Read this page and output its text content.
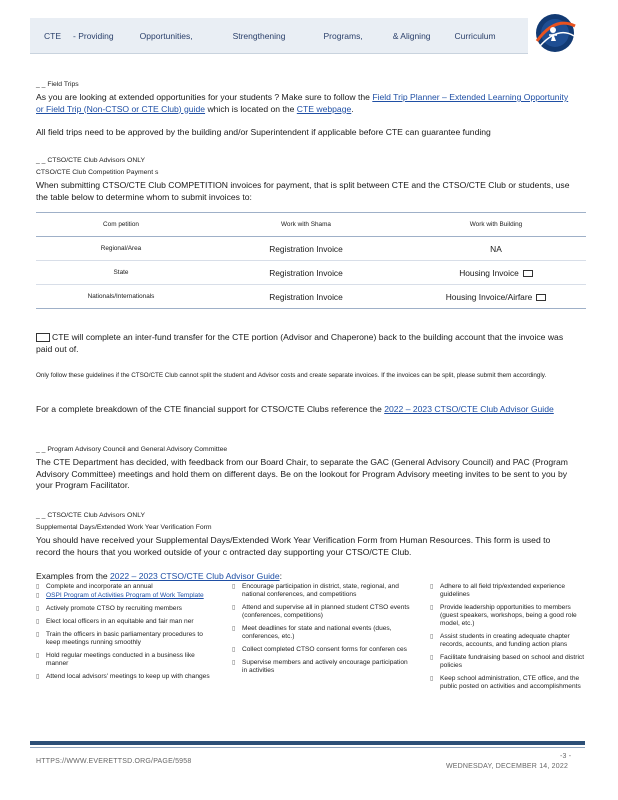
CTE - Providing	Opportunities,	Strengthening	Programs,	& Aligning	Curriculum
_ _ Field Trips
As you are looking at extended opportunities for your students ? Make sure to follow the Field Trip Planner – Extended Learning Opportunity or Field Trip (Non-CTSO or CTE Club) guide which is located on the CTE webpage.
All field trips need to be approved by the building and/or Superintendent if applicable before CTE can guarantee funding
_ _ CTSO/CTE Club Advisors ONLY
CTSO/CTE Club Competition Payment s
When submitting CTSO/CTE Club COMPETITION invoices for payment, that is split between CTE and the CTSO/CTE Club or students, use the table below to determine whom to submit invoices to:
Com petition	Work with Shama	Work with Building
Regional/Area	Registration Invoice	NA
State	Registration Invoice	Housing Invoice
Nationals/Internationals	Registration Invoice	Housing Invoice/Airfare
CTE will complete an inter-fund transfer for the CTE portion (Advisor and Chaperone) back to the building account that the invoice was paid out of.
Only follow these guidelines if the CTSO/CTE Club cannot split the student and Advisor costs and create separate invoices. If the invoices can be split, please submit them accordingly.
For a complete breakdown of the CTE financial support for CTSO/CTE Clubs reference the 2022 – 2023 CTSO/CTE Club Advisor Guide
_ _ Program Advisory Council and General Advisory Committee
The CTE Department has decided, with feedback from our Board Chair, to separate the GAC (General Advisory Council) and PAC (Program Advisory Committee) meetings and hold them on different days. Be on the lookout for Program Advisory meeting invites to be sent to you by your Program Facilitator.
_ _ CTSO/CTE Club Advisors ONLY
Supplemental Days/Extended Work Year Verification Form
You should have received your Supplemental Days/Extended Work Year Verification Form from Human Resources. This form is used to record the hours that you worked outside of your c ontracted day supporting your CTSO/CTE Club.
Examples from the 2022 – 2023 CTSO/CTE Club Advisor Guide:
▯	Complete and incorporate an annual
▯	OSPI Program of Activities Program of Work Template
▯	Actively promote CTSO by recruiting members
▯	Elect local officers in an equitable and fair man ner
▯	Train the officers in basic parliamentary procedures to keep meetings running smoothly
▯	Hold regular meetings conducted in a business like manner
▯	Attend local advisors' meetings to keep up with changes
▯	Encourage participation in district, state, regional, and national conferences, and competitions
▯	Attend and supervise all in planned student CTSO events (conferences, competitions)
▯	Meet deadlines for state and national events (dues, conferences, etc.)
▯	Collect completed CTSO consent forms for conferen ces
▯	Supervise members and actively encourage participation in activities
▯	Adhere to all field trip/extended experience guidelines
▯	Provide leadership opportunities to members (guest speakers, workshops, being a good role model, etc.)
▯	Assist students in creating adequate chapter records, accounts, and funding action plans
▯	Facilitate fundraising based on school and district policies
▯	Keep school administration, CTE office, and the public posted on activities and accomplishments
HTTPS://WWW.EVERETTSD.ORG/PAGE/5958
-3 -
WEDNESDAY, DECEMBER 14, 2022
